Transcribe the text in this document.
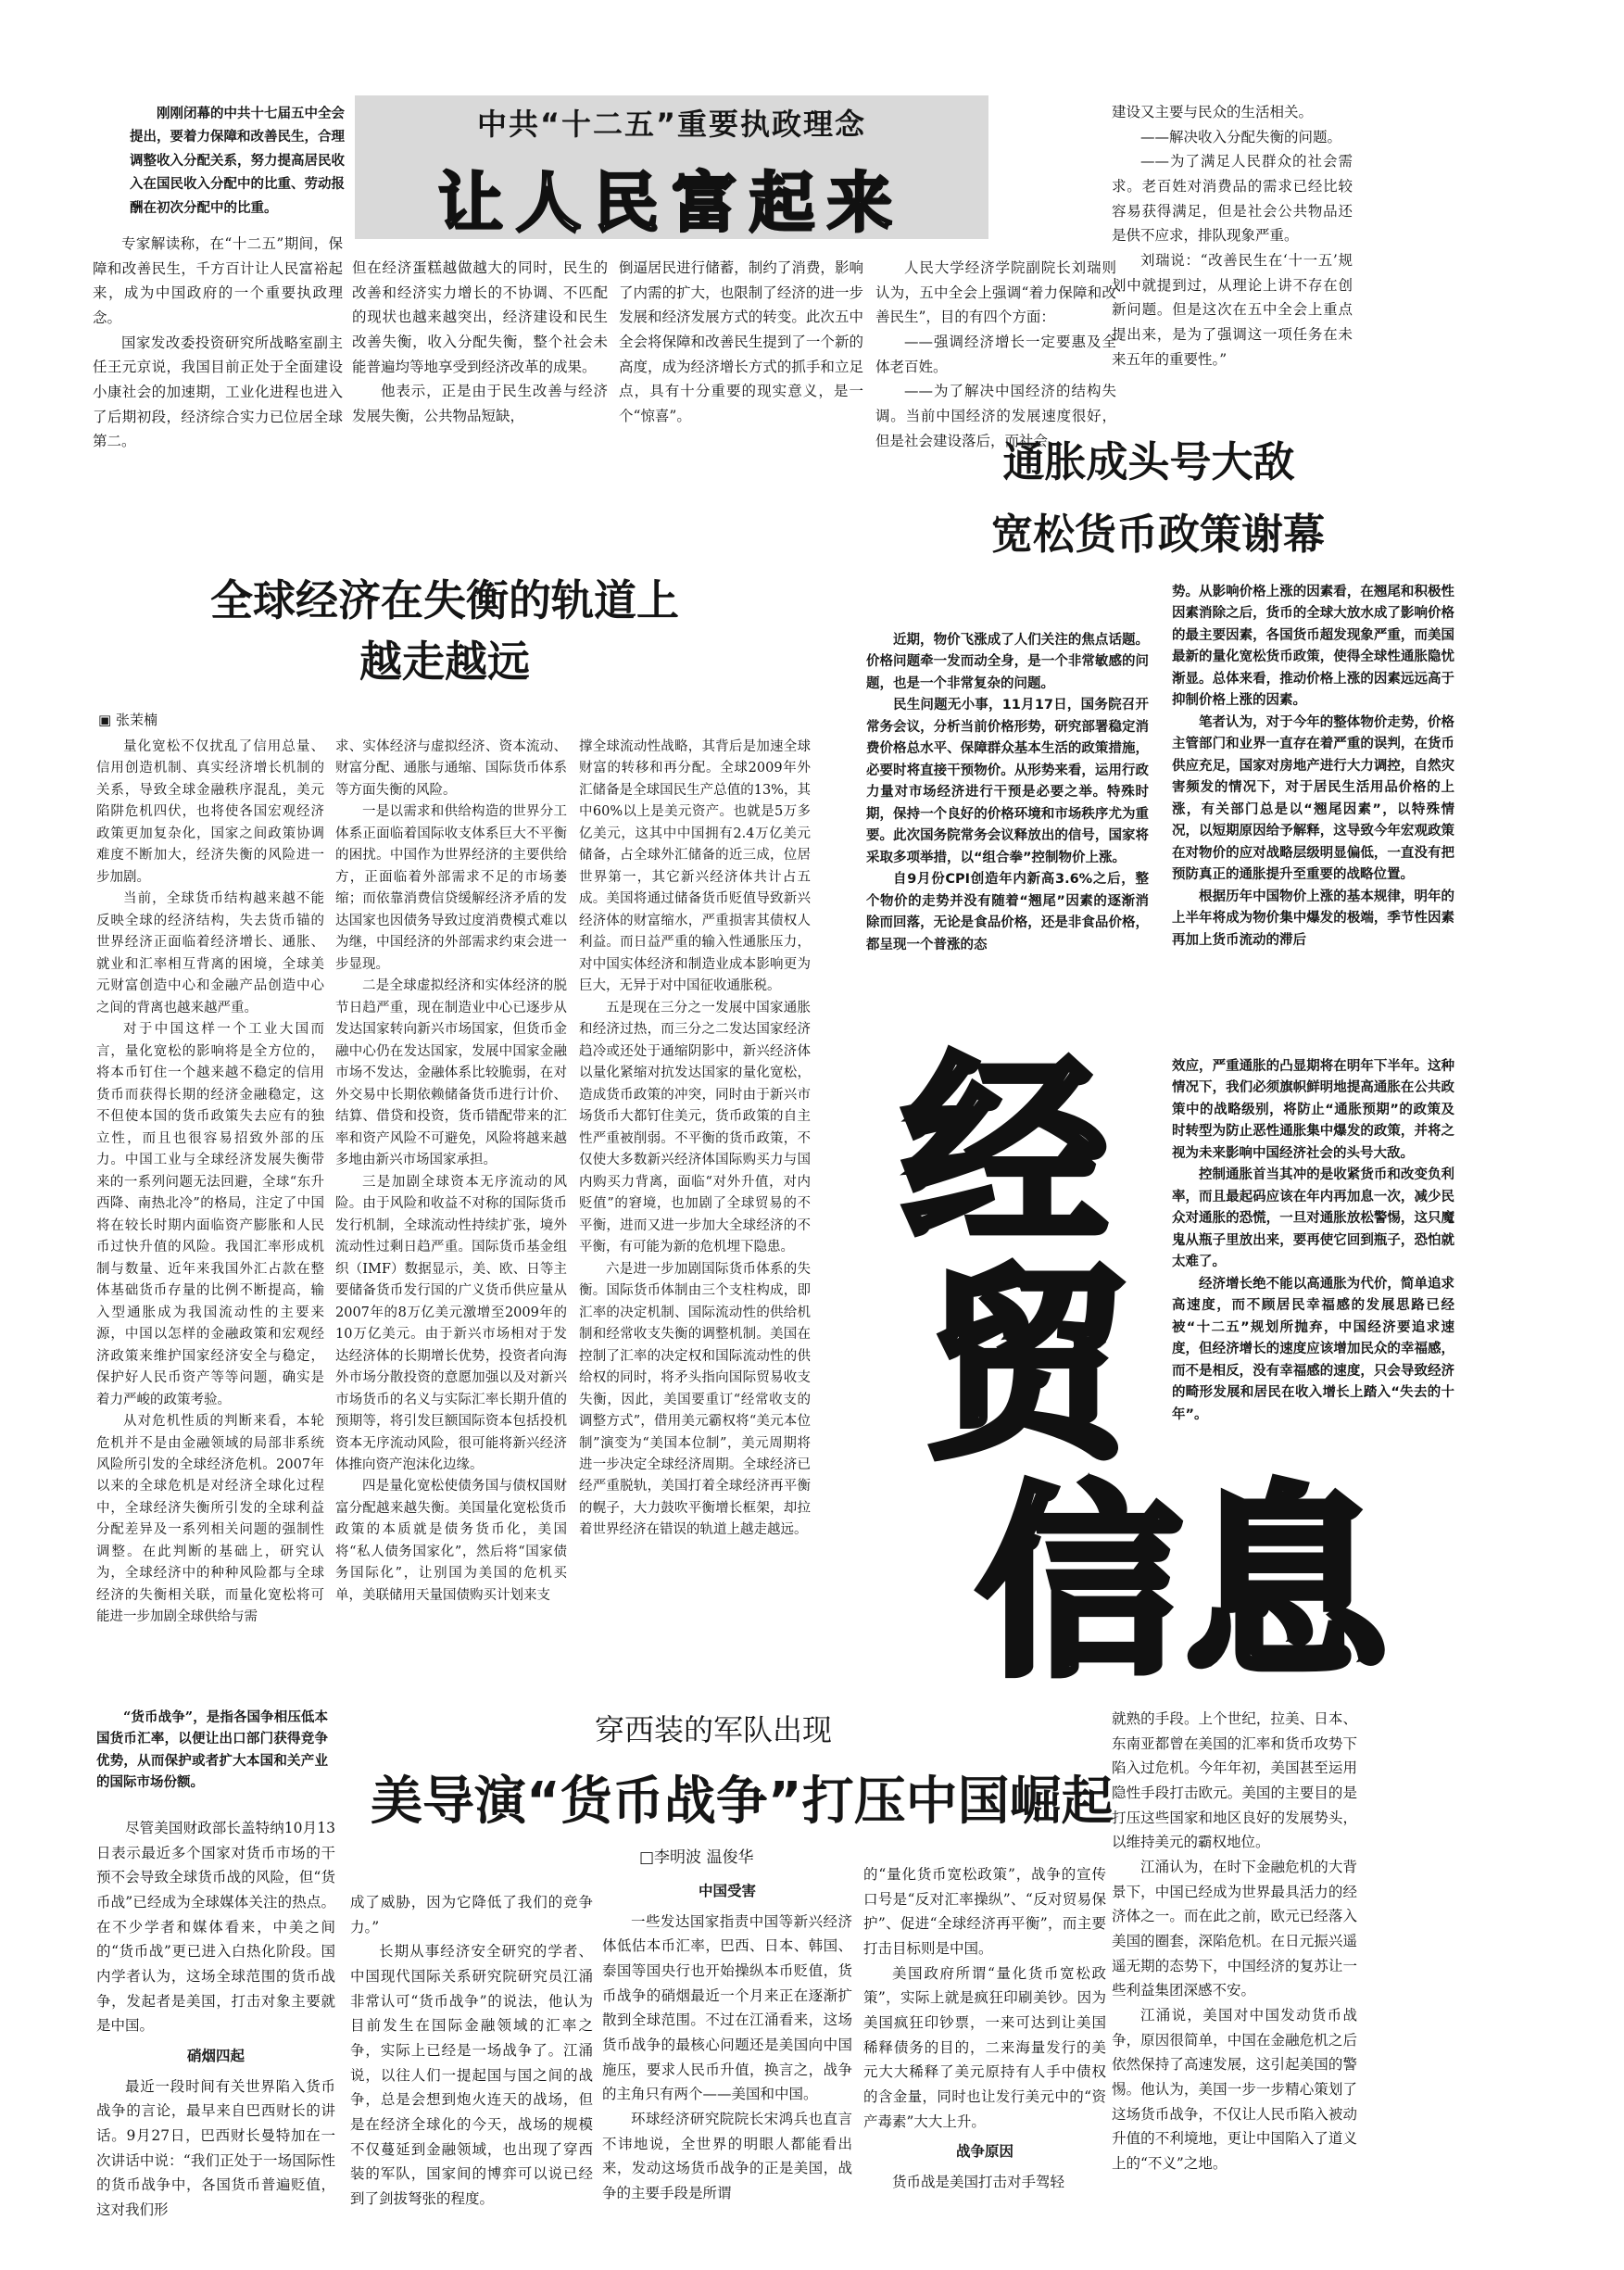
中共“十二五”重要执政理念
让人民富起来

刚刚闭幕的中共十七届五中全会提出，要着力保障和改善民生，合理调整收入分配关系，努力提高居民收入在国民收入分配中的比重、劳动报酬在初次分配中的比重。

专家解读称，在“十二五”期间，保障和改善民生，千方百计让人民富裕起来，成为中国政府的一个重要执政理念。

国家发改委投资研究所战略室副主任王元京说，我国目前正处于全面建设小康社会的加速期，工业化进程也进入了后期初段，经济综合实力已位居全球第二。

但在经济蛋糕越做越大的同时，民生的改善和经济实力增长的不协调、不匹配的现状也越来越突出，经济建设和民生改善失衡，收入分配失衡，整个社会未能普遍均等地享受到经济改革的成果。

他表示，正是由于民生改善与经济发展失衡，公共物品短缺，

倒逼居民进行储蓄，制约了消费，影响了内需的扩大，也限制了经济的进一步发展和经济发展方式的转变。此次五中全会将保障和改善民生提到了一个新的高度，成为经济增长方式的抓手和立足点，具有十分重要的现实意义，是一个“惊喜”。

人民大学经济学院副院长刘瑞则认为，五中全会上强调“着力保障和改善民生”，目的有四个方面：

——强调经济增长一定要惠及全体老百姓。

——为了解决中国经济的结构失调。当前中国经济的发展速度很好，但是社会建设落后，而社会

建设又主要与民众的生活相关。

——解决收入分配失衡的问题。

——为了满足人民群众的社会需求。老百姓对消费品的需求已经比较容易获得满足，但是社会公共物品还是供不应求，排队现象严重。

刘瑞说：“改善民生在‘十一五’规划中就提到过，从理论上讲不存在创新问题。但是这次在五中全会上重点提出来，是为了强调这一项任务在未来五年的重要性。”

通胀成头号大敌
宽松货币政策谢幕

近期，物价飞涨成了人们关注的焦点话题。价格问题牵一发而动全身，是一个非常敏感的问题，也是一个非常复杂的问题。

民生问题无小事，11月17日，国务院召开常务会议，分析当前价格形势，研究部署稳定消费价格总水平、保障群众基本生活的政策措施，必要时将直接干预物价。从形势来看，运用行政力量对市场经济进行干预是必要之举。特殊时期，保持一个良好的价格环境和市场秩序尤为重要。此次国务院常务会议释放出的信号，国家将采取多项举措，以“组合拳”控制物价上涨。

自9月份CPI创造年内新高3.6%之后，整个物价的走势并没有随着“翘尾”因素的逐渐消除而回落，无论是食品价格，还是非食品价格，都呈现一个普涨的态

势。从影响价格上涨的因素看，在翘尾和积极性因素消除之后，货币的全球大放水成了影响价格的最主要因素，各国货币超发现象严重，而美国最新的量化宽松货币政策，使得全球性通胀隐忧渐显。总体来看，推动价格上涨的因素远远高于抑制价格上涨的因素。

笔者认为，对于今年的整体物价走势，价格主管部门和业界一直存在着严重的误判，在货币供应充足，国家对房地产进行大力调控，自然灾害频发的情况下，对于居民生活用品价格的上涨，有关部门总是以“翘尾因素”，以特殊情况，以短期原因给予解释，这导致今年宏观政策在对物价的应对战略层级明显偏低，一直没有把预防真正的通胀提升至重要的战略位置。

根据历年中国物价上涨的基本规律，明年的上半年将成为物价集中爆发的极端，季节性因素再加上货币流动的滞后

效应，严重通胀的凸显期将在明年下半年。这种情况下，我们必须旗帜鲜明地提高通胀在公共政策中的战略级别，将防止“通胀预期”的政策及时转型为防止恶性通胀集中爆发的政策，并将之视为未来影响中国经济社会的头号大敌。

控制通胀首当其冲的是收紧货币和改变负利率，而且最起码应该在年内再加息一次，减少民众对通胀的恐慌，一旦对通胀放松警惕，这只魔鬼从瓶子里放出来，要再使它回到瓶子，恐怕就太难了。

经济增长绝不能以高通胀为代价，简单追求高速度，而不顾居民幸福感的发展思路已经被“十二五”规划所抛弃，中国经济要追求速度，但经济增长的速度应该增加民众的幸福感，而不是相反，没有幸福感的速度，只会导致经济的畸形发展和居民在收入增长上踏入“失去的十年”。

经
贸
信 息
全球经济在失衡的轨道上
越走越远
▣ 张茉楠

量化宽松不仅扰乱了信用总量、信用创造机制、真实经济增长机制的关系，导致全球金融秩序混乱，美元陷阱危机四伏，也将使各国宏观经济政策更加复杂化，国家之间政策协调难度不断加大，经济失衡的风险进一步加剧。

当前，全球货币结构越来越不能反映全球的经济结构，失去货币锚的世界经济正面临着经济增长、通胀、就业和汇率相互背离的困境，全球美元财富创造中心和金融产品创造中心之间的背离也越来越严重。

对于中国这样一个工业大国而言，量化宽松的影响将是全方位的，将本币钉住一个越来越不稳定的信用货币而获得长期的经济金融稳定，这不但使本国的货币政策失去应有的独立性，而且也很容易招致外部的压力。中国工业与全球经济发展失衡带来的一系列问题无法回避，全球“东升西降、南热北冷”的格局，注定了中国将在较长时期内面临资产膨胀和人民币过快升值的风险。我国汇率形成机制与数量、近年来我国外汇占款在整体基础货币存量的比例不断提高，输入型通胀成为我国流动性的主要来源，中国以怎样的金融政策和宏观经济政策来维护国家经济安全与稳定，保护好人民币资产等等问题，确实是着力严峻的政策考验。

从对危机性质的判断来看，本轮危机并不是由金融领域的局部非系统风险所引发的全球经济危机。2007年以来的全球危机是对经济全球化过程中，全球经济失衡所引发的全球利益分配差异及一系列相关问题的强制性调整。在此判断的基础上，研究认为，全球经济中的种种风险都与全球经济的失衡相关联，而量化宽松将可能进一步加剧全球供给与需

求、实体经济与虚拟经济、资本流动、财富分配、通胀与通缩、国际货币体系等方面失衡的风险。

一是以需求和供给构造的世界分工体系正面临着国际收支体系巨大不平衡的困扰。中国作为世界经济的主要供给方，正面临着外部需求不足的市场萎缩；而依靠消费信贷缓解经济矛盾的发达国家也因债务导致过度消费模式难以为继，中国经济的外部需求约束会进一步显现。

二是全球虚拟经济和实体经济的脱节日趋严重，现在制造业中心已逐步从发达国家转向新兴市场国家，但货币金融中心仍在发达国家，发展中国家金融市场不发达，金融体系比较脆弱，在对外交易中长期依赖储备货币进行计价、结算、借贷和投资，货币错配带来的汇率和资产风险不可避免，风险将越来越多地由新兴市场国家承担。

三是加剧全球资本无序流动的风险。由于风险和收益不对称的国际货币发行机制，全球流动性持续扩张，境外流动性过剩日趋严重。国际货币基金组织（IMF）数据显示，美、欧、日等主要储备货币发行国的广义货币供应量从2007年的8万亿美元激增至2009年的10万亿美元。由于新兴市场相对于发达经济体的长期增长优势，投资者向海外市场分散投资的意愿加强以及对新兴市场货币的名义与实际汇率长期升值的预期等，将引发巨额国际资本包括投机资本无序流动风险，很可能将新兴经济体推向资产泡沫化边缘。

四是量化宽松使债务国与债权国财富分配越来越失衡。美国量化宽松货币政策的本质就是债务货币化，美国将“私人债务国家化”，然后将“国家债务国际化”，让别国为美国的危机买单，美联储用天量国债购买计划来支

撑全球流动性战略，其背后是加速全球财富的转移和再分配。全球2009年外汇储备是全球国民生产总值的13%，其中60%以上是美元资产。也就是5万多亿美元，这其中中国拥有2.4万亿美元储备，占全球外汇储备的近三成，位居世界第一，其它新兴经济体共计占五成。美国将通过储备货币贬值导致新兴经济体的财富缩水，严重损害其债权人利益。而日益严重的输入性通胀压力，对中国实体经济和制造业成本影响更为巨大，无异于对中国征收通胀税。

五是现在三分之一发展中国家通胀和经济过热，而三分之二发达国家经济趋冷或还处于通缩阴影中，新兴经济体以量化紧缩对抗发达国家的量化宽松，造成货币政策的冲突，同时由于新兴市场货币大都钉住美元，货币政策的自主性严重被削弱。不平衡的货币政策，不仅使大多数新兴经济体国际购买力与国内购买力背离，面临“对外升值，对内贬值”的窘境，也加剧了全球贸易的不平衡，进而又进一步加大全球经济的不平衡，有可能为新的危机埋下隐患。

六是进一步加剧国际货币体系的失衡。国际货币体制由三个支柱构成，即汇率的决定机制、国际流动性的供给机制和经常收支失衡的调整机制。美国在控制了汇率的决定权和国际流动性的供给权的同时，将矛头指向国际贸易收支失衡，因此，美国要重订“经常收支的调整方式”，借用美元霸权将“美元本位制”演变为“美国本位制”，美元周期将进一步决定全球经济周期。全球经济已经严重脱轨，美国打着全球经济再平衡的幌子，大力鼓吹平衡增长框架，却拉着世界经济在错误的轨道上越走越远。

穿西装的军队出现
美导演“货币战争”打压中国崛起
□李明波 温俊华

“货币战争”，是指各国争相压低本国货币汇率，以便让出口部门获得竞争优势，从而保护或者扩大本国和关产业的国际市场份额。

尽管美国财政部长盖特纳10月13日表示最近多个国家对货币市场的干预不会导致全球货币战的风险，但“货币战”已经成为全球媒体关注的热点。在不少学者和媒体看来，中美之间的“货币战”更已进入白热化阶段。国内学者认为，这场全球范围的货币战争，发起者是美国，打击对象主要就是中国。

硝烟四起

最近一段时间有关世界陷入货币战争的言论，最早来自巴西财长的讲话。9月27日，巴西财长曼特加在一次讲话中说：“我们正处于一场国际性的货币战争中，各国货币普遍贬值，这对我们形

成了威胁，因为它降低了我们的竞争力。”

长期从事经济安全研究的学者、中国现代国际关系研究院研究员江涌非常认可“货币战争”的说法，他认为目前发生在国际金融领域的汇率之争，实际上已经是一场战争了。江涌说，以往人们一提起国与国之间的战争，总是会想到炮火连天的战场，但是在经济全球化的今天，战场的规模不仅蔓延到金融领域，也出现了穿西装的军队，国家间的博弈可以说已经到了剑拔弩张的程度。

中国受害

一些发达国家指责中国等新兴经济体低估本币汇率，巴西、日本、韩国、泰国等国央行也开始操纵本币贬值，货币战争的硝烟最近一个月来正在逐渐扩散到全球范围。不过在江涌看来，这场货币战争的最核心问题还是美国向中国施压，要求人民币升值，换言之，战争的主角只有两个——美国和中国。

环球经济研究院院长宋鸿兵也直言不讳地说，全世界的明眼人都能看出来，发动这场货币战争的正是美国，战争的主要手段是所谓

的“量化货币宽松政策”，战争的宣传口号是“反对汇率操纵”、“反对贸易保护”、促进“全球经济再平衡”，而主要打击目标则是中国。

美国政府所谓“量化货币宽松政策”，实际上就是疯狂印刷美钞。因为美国疯狂印钞票，一来可达到让美国稀释债务的目的，二来海量发行的美元大大稀释了美元原持有人手中债权的含金量，同时也让发行美元中的“资产毒素”大大上升。

战争原因

货币战是美国打击对手驾轻

就熟的手段。上个世纪，拉美、日本、东南亚都曾在美国的汇率和货币攻势下陷入过危机。今年年初，美国甚至运用隐性手段打击欧元。美国的主要目的是打压这些国家和地区良好的发展势头，以维持美元的霸权地位。

江涌认为，在时下金融危机的大背景下，中国已经成为世界最具活力的经济体之一。而在此之前，欧元已经落入美国的圈套，深陷危机。在日元振兴遥遥无期的态势下，中国经济的复苏让一些利益集团深感不安。

江涌说，美国对中国发动货币战争，原因很简单，中国在金融危机之后依然保持了高速发展，这引起美国的警惕。他认为，美国一步一步精心策划了这场货币战争，不仅让人民币陷入被动升值的不利境地，更让中国陷入了道义上的“不义”之地。
